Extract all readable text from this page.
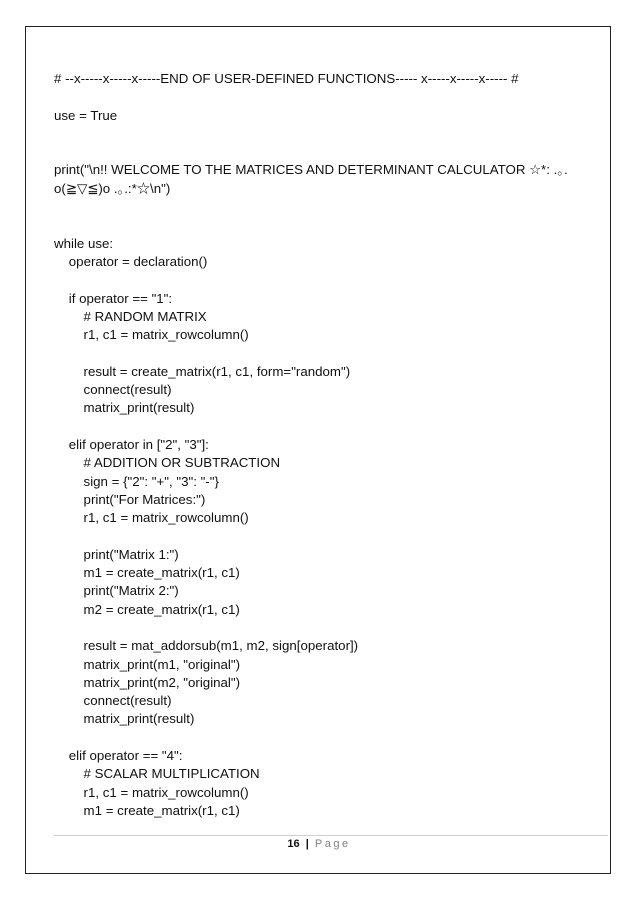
# --x-----x-----x-----END OF USER-DEFINED FUNCTIONS----- x-----x-----x----- #
use = True
print("\n!! WELCOME TO THE MATRICES AND DETERMINANT CALCULATOR ☆*: .｡.
o(≧▽≦)o .｡.:*☆\n")
while use:
operator = declaration()
if operator == "1":
# RANDOM MATRIX
r1, c1 = matrix_rowcolumn()
result = create_matrix(r1, c1, form="random")
connect(result)
matrix_print(result)
elif operator in ["2", "3"]:
# ADDITION OR SUBTRACTION
sign = {"2": "+", "3": "-"}
print("For Matrices:")
r1, c1 = matrix_rowcolumn()
print("Matrix 1:")
m1 = create_matrix(r1, c1)
print("Matrix 2:")
m2 = create_matrix(r1, c1)
result = mat_addorsub(m1, m2, sign[operator])
matrix_print(m1, "original")
matrix_print(m2, "original")
connect(result)
matrix_print(result)
elif operator == "4":
# SCALAR MULTIPLICATION
r1, c1 = matrix_rowcolumn()
m1 = create_matrix(r1, c1)
16 | Page
